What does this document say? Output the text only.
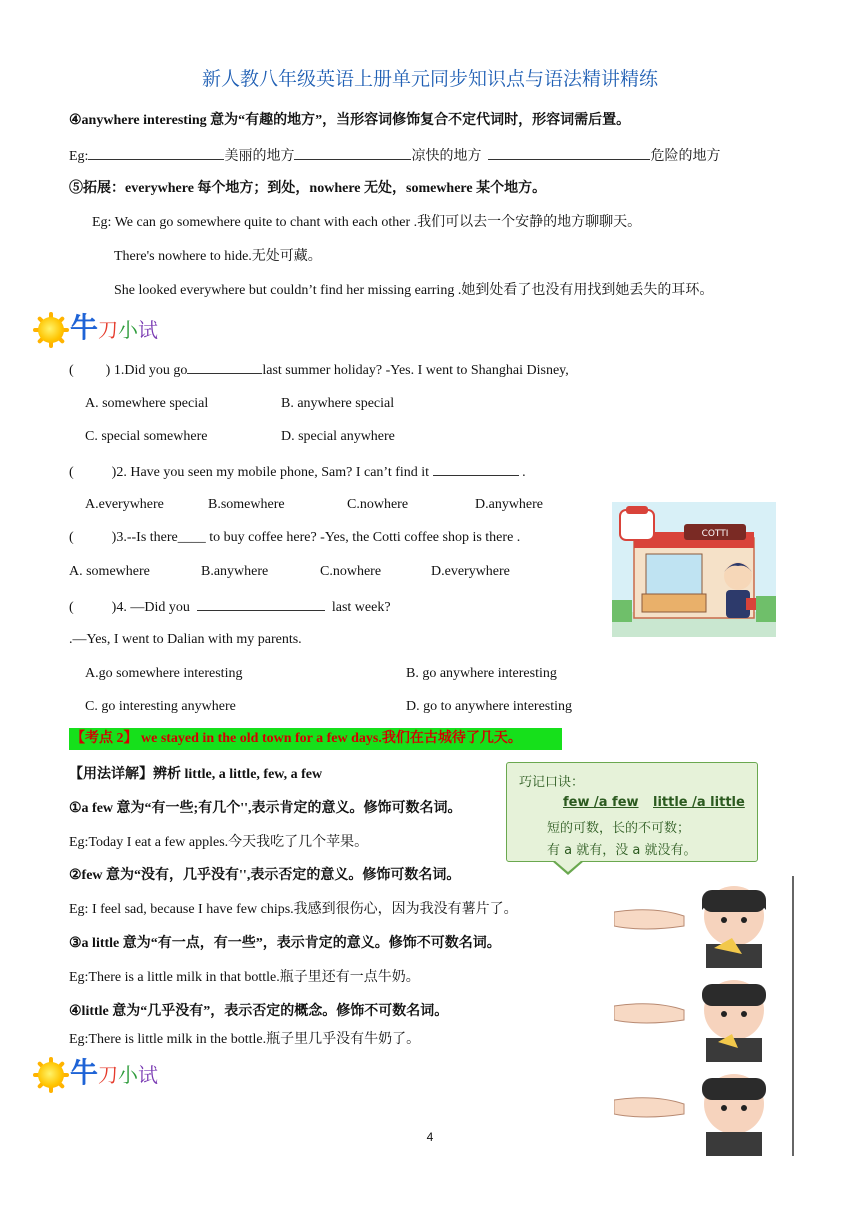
新人教八年级英语上册单元同步知识点与语法精讲精练
④anywhere interesting 意为“有趣的地方”，当形容词修饰复合不定代词时，形容词需后置。
Eg:	美丽的地方	凉快的地方	危险的地方
⑤拓展：everywhere 每个地方；到处，nowhere 无处，somewhere 某个地方。
Eg: We can go somewhere quite to chant with each other .我们可以去一个安静的地方聊聊天。
There's nowhere to hide.无处可藏。
She looked everywhere but couldn’t find her missing earring .她到处看了也没有用找到她丢失的耳环。
牛 刀 小 试
( ) 1.Did you go	last summer holiday? -Yes. I went to Shanghai Disney,
A. somewhere special	B. anywhere special
C. special somewhere	D. special anywhere
(	)2. Have you seen my mobile phone, Sam? I can’t find it	.
A.everywhere	B.somewhere	C.nowhere	D.anywhere
(	)3.--Is there____ to buy coffee here? -Yes, the Cotti coffee shop is there .
A. somewhere	B.anywhere	C.nowhere	D.everywhere
(	)4. —Did you	last week?
.—Yes, I went to Dalian with my parents.
A.go somewhere interesting	B. go anywhere interesting
C. go interesting anywhere	D. go to anywhere interesting
COTTI
【考点 2】 we stayed in the old town for a few days.我们在古城待了几天。
【用法详解】辨析 little, a little, few, a few
①a few 意为“有一些;有几个'',表示肯定的意义。修饰可数名词。
Eg:Today I eat a few apples.今天我吃了几个苹果。
②few 意为“没有，几乎没有'',表示否定的意义。修饰可数名词。
Eg: I feel sad, because I have few chips.我感到很伤心，因为我没有薯片了。
③a little 意为“有一点，有一些”，表示肯定的意义。修饰不可数名词。
Eg:There is a little milk in that bottle.瓶子里还有一点牛奶。
④little 意为“几乎没有”，表示否定的概念。修饰不可数名词。
Eg:There is little milk in the bottle.瓶子里几乎没有牛奶了。
巧记口诀：
few /a few little /a little
短的可数，长的不可数；
有 a 就有，没 a 就没有。
牛 刀 小 试
4
